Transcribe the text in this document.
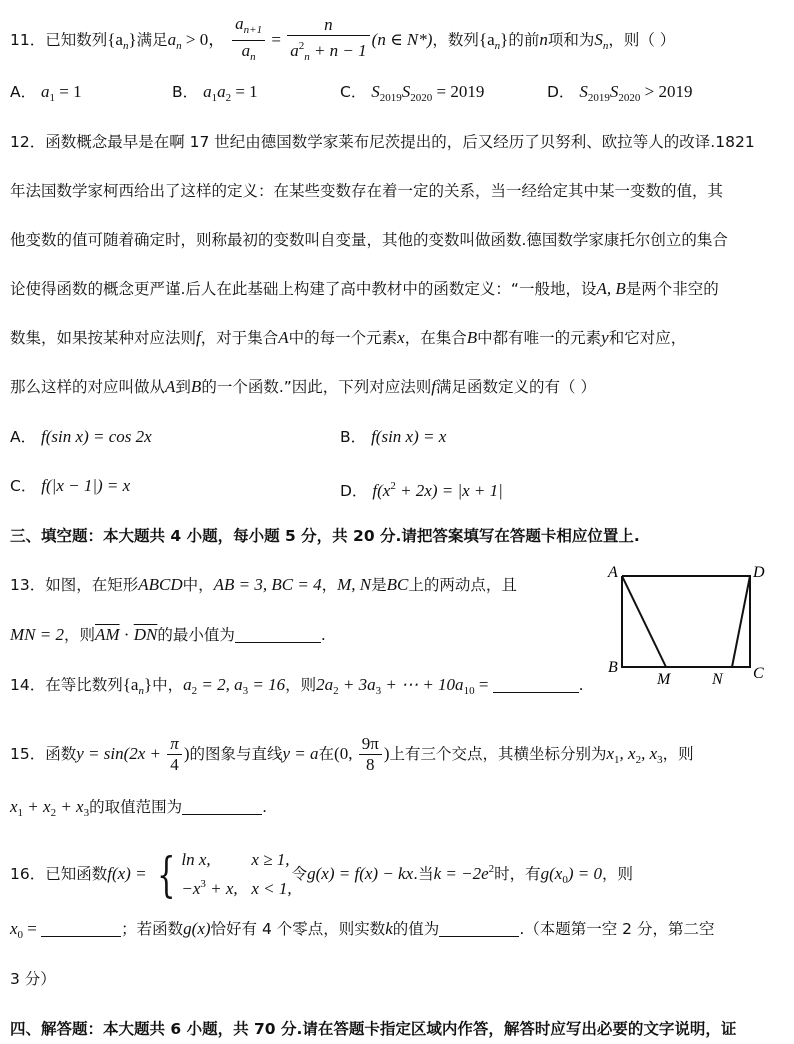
11．已知数列$\{a_n\}$满足$a_n > 0$， $\frac{a_{n+1}}{a_n} = \frac{n}{a^2_n + n - 1} (n$ ∈ N*)，数列$\{a_n\}$的前n项和为$S_n$，则（ ）
A． $a_1 = 1$	B． $a_1a_2 = 1$	C． $S_{2019}S_{2020} = 2019$	D． $S_{2019}S_{2020} > 2019$
12．函数概念最早是在啊 17 世纪由德国数学家莱布尼茨提出的，后又经历了贝努利、欧拉等人的改译.1821
年法国数学家柯西给出了这样的定义：在某些变数存在着一定的关系，当一经给定其中某一变数的值，其
他变数的值可随着确定时，则称最初的变数叫自变量，其他的变数叫做函数.德国数学家康托尔创立的集合
论使得函数的概念更严谨.后人在此基础上构建了高中教材中的函数定义：“一般地，设A, B是两个非空的
数集，如果按某种对应法则f，对于集合A中的每一个元素x，在集合B中都有唯一的元素y和它对应，
那么这样的对应叫做从A到B的一个函数.”因此，下列对应法则f满足函数定义的有（ ）
A． f(sin x) = cos 2x	B． f(sin x) = x
C． f(|x − 1|) = x	D． $f(x^2 + 2x) = |x + 1|$
三、填空题：本大题共 4 小题，每小题 5 分，共 20 分.请把答案填写在答题卡相应位置上.
13．如图，在矩形ABCD中，AB = 3, BC = 4，M, N是BC上的两动点，且
MN = 2，则$\overline{AM} \cdot \overline{DN}$的最小值为	.
A	D
B	C
M	N
14．在等比数列$\{a_n\}$中，$a_2 = 2$, $a_3 = 16$，则$2a_2 + 3a_3$ + ⋯ + $10a_{10}$ =	.
15．函数$y = \sin(2x + \frac{\pi}{4}$ )的图象与直线y = a在(0, $\frac{9\pi}{8}$ )上有三个交点，其横坐标分别为$x_1$, $x_2$, $x_3$，则
$x_1 + x_2 + x_3$的取值范围为	.
16．已知函数f(x) = { ln x, x ≥ 1,
$-x^3 + x$, x < 1,
令g(x) = f(x) − kx.当$k = -2e^2$时，有$g(x_0) = 0$，则
$x_0$ =	；若函数g(x)恰好有 4 个零点，则实数k的值为	.（本题第一空 2 分，第二空
3 分）
四、解答题：本大题共 6 小题，共 70 分.请在答题卡指定区域内作答，解答时应写出必要的文字说明，证
